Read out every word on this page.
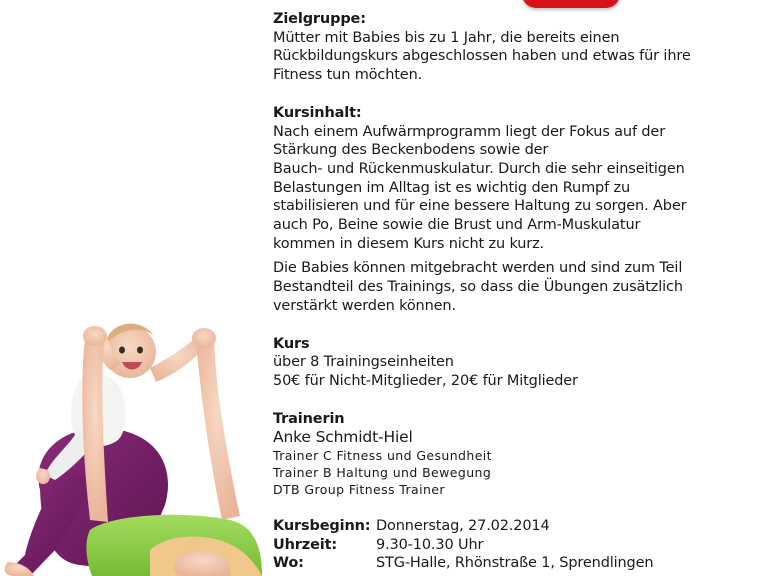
Zielgruppe:

Mütter mit Babies bis zu 1 Jahr, die bereits einen

Rückbildungskurs abgeschlossen haben und etwas für ihre

Fitness tun möchten.

Kursinhalt:

Nach einem Aufwärmprogramm liegt der Fokus auf der

Stärkung des Beckenbodens sowie der

Bauch- und Rückenmuskulatur. Durch die sehr einseitigen

Belastungen im Alltag ist es wichtig den Rumpf zu

stabilisieren und für eine bessere Haltung zu sorgen. Aber

auch Po, Beine sowie die Brust und Arm-Muskulatur

kommen in diesem Kurs nicht zu kurz.

Die Babies können mitgebracht werden und sind zum Teil

Bestandteil des Trainings, so dass die Übungen zusätzlich

verstärkt werden können.

Kurs

über 8 Trainingseinheiten

50€ für Nicht-Mitglieder, 20€ für Mitglieder

Trainerin

Anke Schmidt-Hiel

Trainer C Fitness und Gesundheit

Trainer B Haltung und Bewegung

DTB Group Fitness Trainer

Kursbeginn: Donnerstag, 27.02.2014
Uhrzeit:	9.30-10.30 Uhr
Wo:	STG-Halle, Rhönstraße 1, Sprendlingen
